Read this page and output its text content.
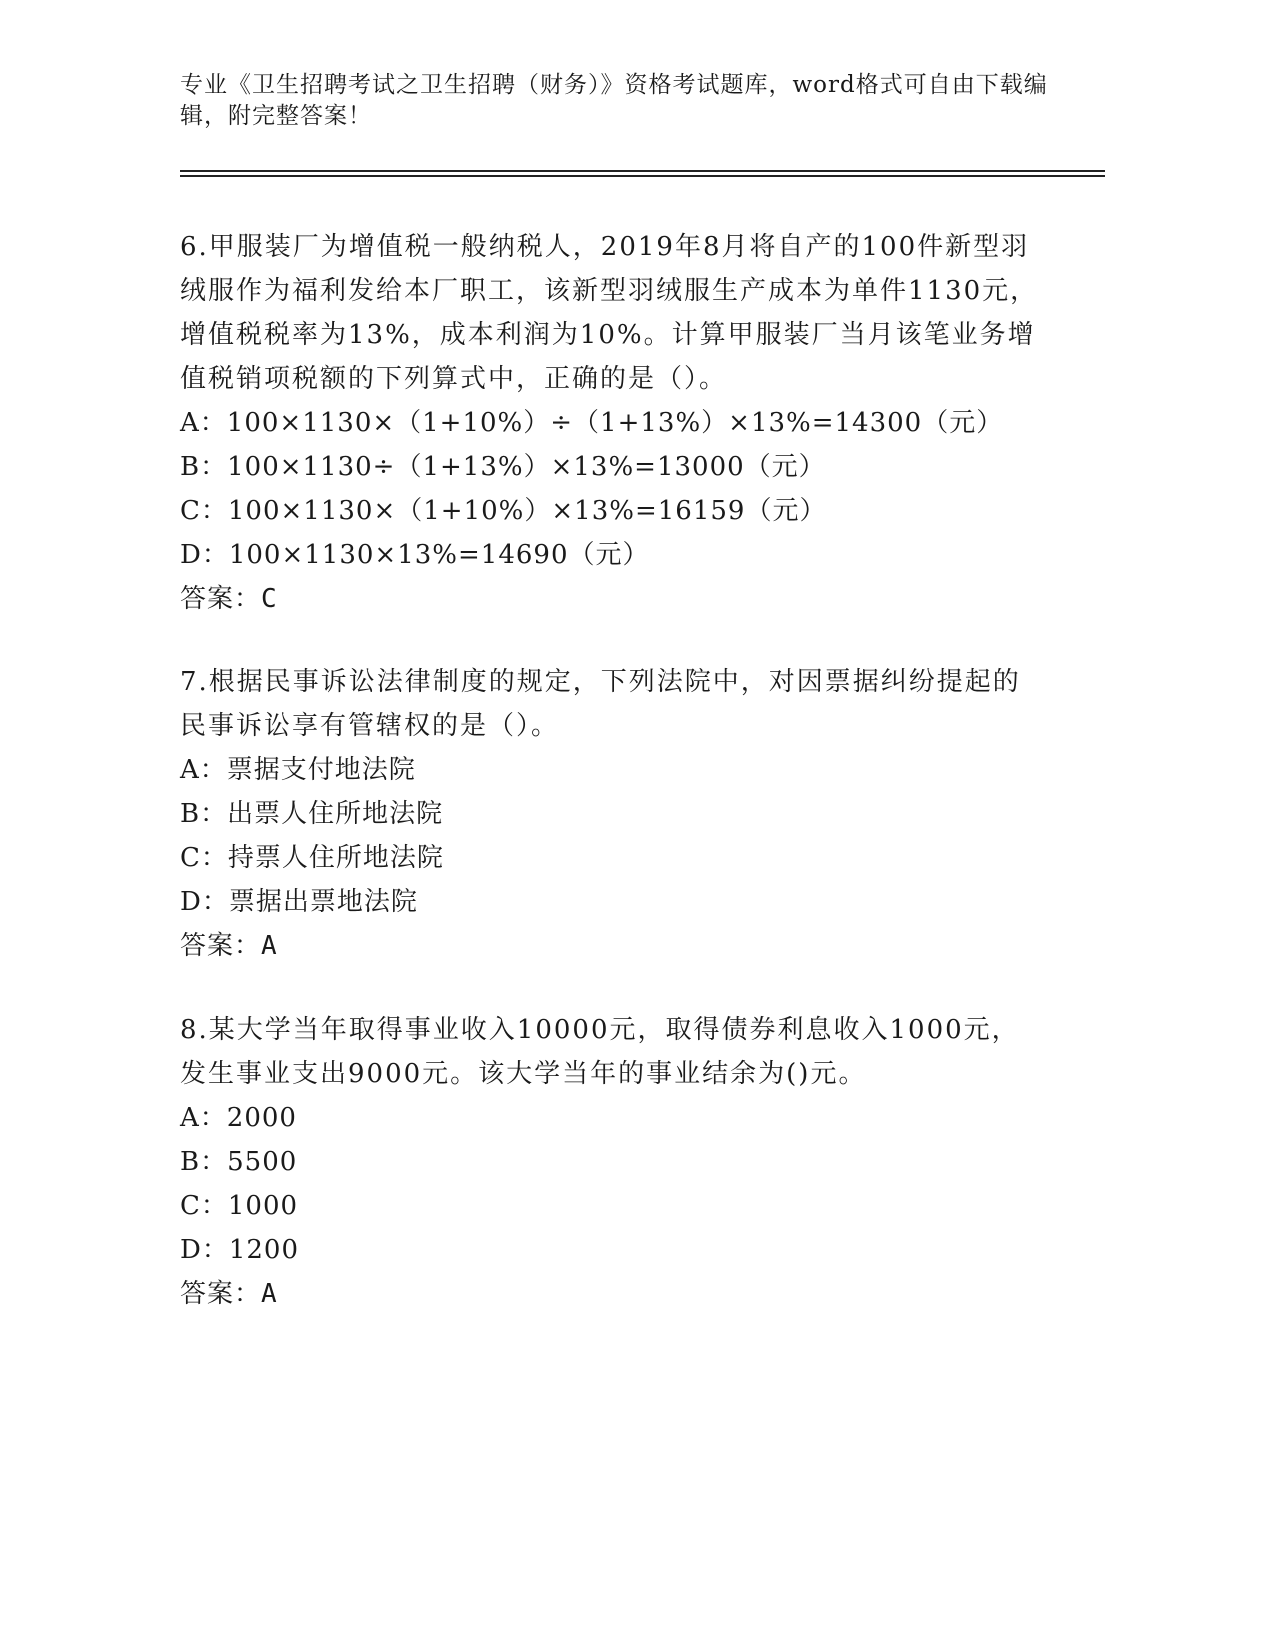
专业《卫生招聘考试之卫生招聘（财务）》资格考试题库，word格式可自由下载编辑，附完整答案！

6.甲服装厂为增值税一般纳税人，2019年8月将自产的100件新型羽绒服作为福利发给本厂职工，该新型羽绒服生产成本为单件1130元，增值税税率为13%，成本利润为10%。计算甲服装厂当月该笔业务增值税销项税额的下列算式中，正确的是（）。

A：100×1130×（1+10%）÷（1+13%）×13%=14300（元）

B：100×1130÷（1+13%）×13%=13000（元）

C：100×1130×（1+10%）×13%=16159（元）

D：100×1130×13%=14690（元）

答案：C

7.根据民事诉讼法律制度的规定，下列法院中，对因票据纠纷提起的民事诉讼享有管辖权的是（）。

A：票据支付地法院

B：出票人住所地法院

C：持票人住所地法院

D：票据出票地法院

答案：A

8.某大学当年取得事业收入10000元，取得债券利息收入1000元，发生事业支出9000元。该大学当年的事业结余为()元。

A：2000

B：5500

C：1000

D：1200

答案：A
